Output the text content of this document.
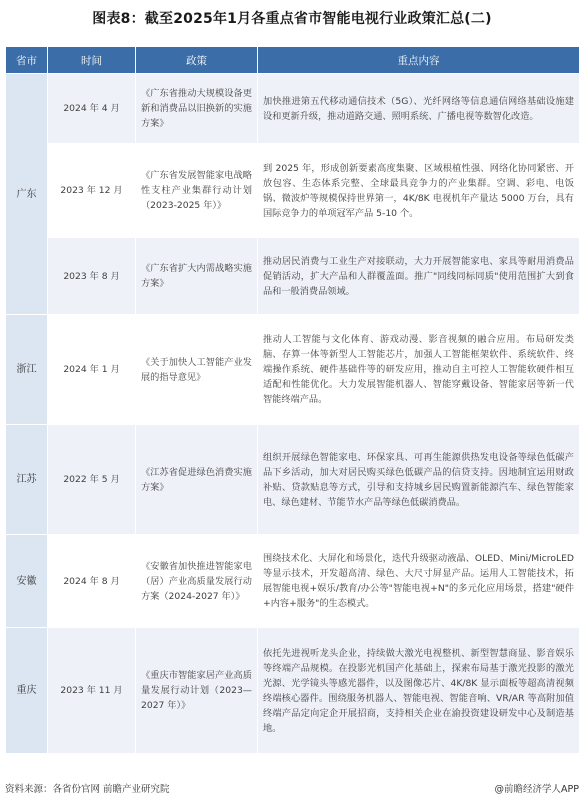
图表8：截至2025年1月各重点省市智能电视行业政策汇总(二)
省市	时间	政策	重点内容
广东	2024 年 4 月	《广东省推动大规模设备更新和消费品以旧换新的实施方案》	加快推进第五代移动通信技术（5G）、光纤网络等信息通信网络基础设施建设和更新升级，推动道路交通、照明系统、广播电视等数智化改造。
	2023 年 12 月	《广东省发展智能家电战略性支柱产业集群行动计划（2023-2025 年）》	到 2025 年，形成创新要素高度集聚、区域根植性强、网络化协同紧密、开放包容、生态体系完整、全球最具竞争力的产业集群。空调、彩电、电饭锅、微波炉等规模保持世界第一，4K/8K 电视机年产量达 5000 万台，具有国际竞争力的单项冠军产品 5-10 个。
	2023 年 8 月	《广东省扩大内需战略实施方案》	推动居民消费与工业生产对接联动，大力开展智能家电、家具等耐用消费品促销活动，扩大产品和人群覆盖面。推广"同线同标同质"使用范围扩大到食品和一般消费品领域。
浙江	2024 年 1 月	《关于加快人工智能产业发展的指导意见》	推动人工智能与文化体育、游戏动漫、影音视频的融合应用。布局研发类脑、存算一体等新型人工智能芯片，加强人工智能框架软件、系统软件、终端操作系统、硬件基础件等的研发应用，推动自主可控人工智能软硬件相互适配和性能优化。大力发展智能机器人、智能穿戴设备、智能家居等新一代智能终端产品。
江苏	2022 年 5 月	《江苏省促进绿色消费实施方案》	组织开展绿色智能家电、环保家具、可再生能源供热发电设备等绿色低碳产品下乡活动，加大对居民购买绿色低碳产品的信贷支持。因地制宜运用财政补贴、贷款贴息等方式，引导和支持城乡居民购置新能源汽车、绿色智能家电、绿色建材、节能节水产品等绿色低碳消费品。
安徽	2024 年 8 月	《安徽省加快推进智能家电（居）产业高质量发展行动方案（2024-2027 年）》	围绕技术化、大屏化和场景化，迭代升级驱动液晶、OLED、Mini/MicroLED 等显示技术，开发超高清、绿色、大尺寸屏显产品。运用人工智能技术，拓展智能电视+娱乐/教育/办公等"智能电视+N"的多元化应用场景，搭建"硬件+内容+服务"的生态模式。
重庆	2023 年 11 月	《重庆市智能家居产业高质量发展行动计划（2023—2027 年）》	依托先进视听龙头企业，持续做大激光电视整机、新型智慧商显、影音娱乐等终端产品规模。在投影光机国产化基础上，探索布局基于激光投影的激光光源、光学镜头等感光器件，以及图像芯片、4K/8K 显示面板等超高清视频终端核心器件。围绕服务机器人、智能电视、智能音响、VR/AR 等高附加值终端产品定向定企开展招商，支持相关企业在渝投资建设研发中心及制造基地。
资料来源：各省份官网 前瞻产业研究院	@前瞻经济学人APP
